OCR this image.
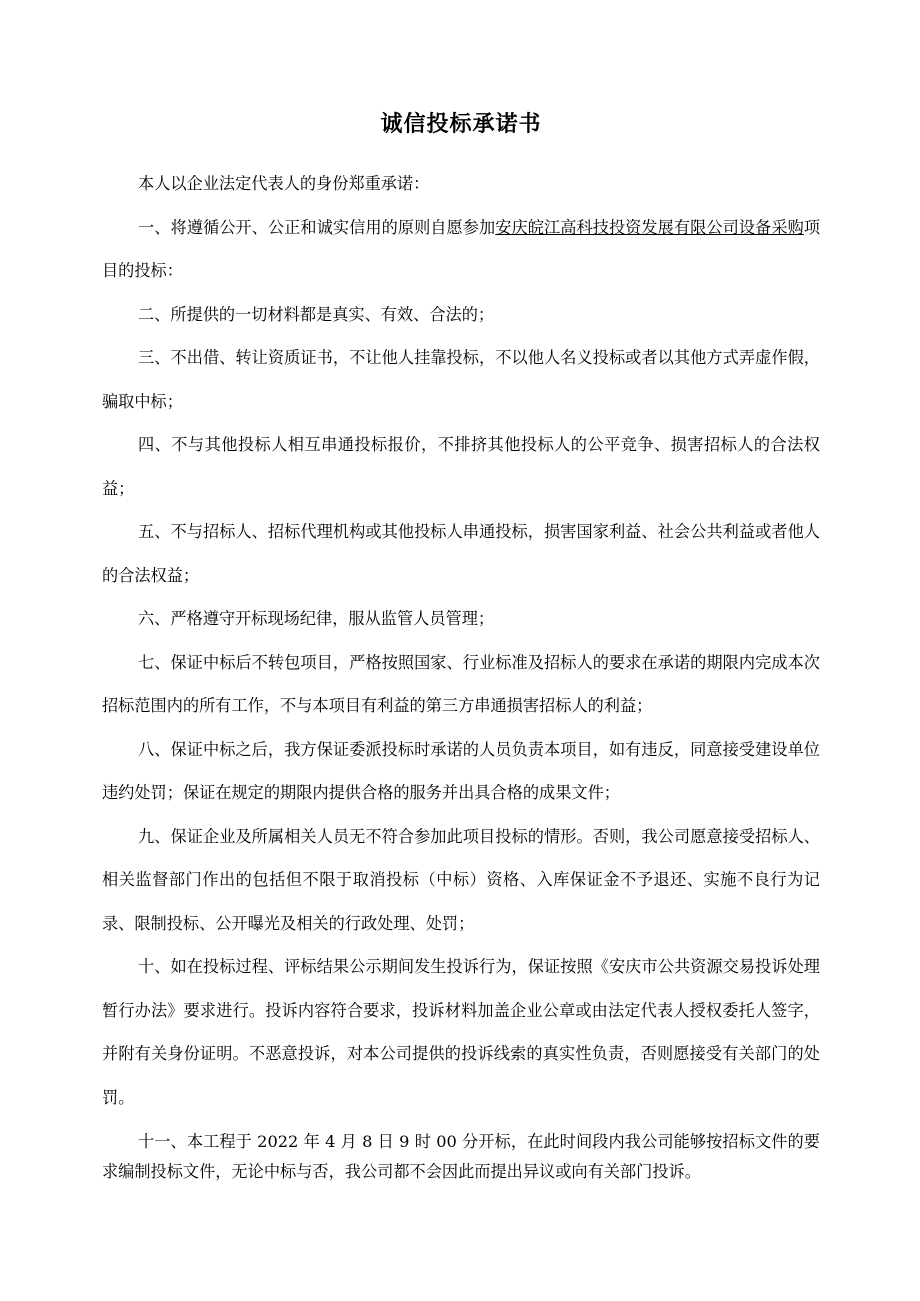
诚信投标承诺书

本人以企业法定代表人的身份郑重承诺：

一、将遵循公开、公正和诚实信用的原则自愿参加安庆皖江高科技投资发展有限公司设备采购项目的投标：

二、所提供的一切材料都是真实、有效、合法的；

三、不出借、转让资质证书，不让他人挂靠投标，不以他人名义投标或者以其他方式弄虚作假，骗取中标；

四、不与其他投标人相互串通投标报价，不排挤其他投标人的公平竞争、损害招标人的合法权益；

五、不与招标人、招标代理机构或其他投标人串通投标，损害国家利益、社会公共利益或者他人的合法权益；

六、严格遵守开标现场纪律，服从监管人员管理；

七、保证中标后不转包项目，严格按照国家、行业标准及招标人的要求在承诺的期限内完成本次招标范围内的所有工作，不与本项目有利益的第三方串通损害招标人的利益；

八、保证中标之后，我方保证委派投标时承诺的人员负责本项目，如有违反，同意接受建设单位违约处罚；保证在规定的期限内提供合格的服务并出具合格的成果文件；

九、保证企业及所属相关人员无不符合参加此项目投标的情形。否则，我公司愿意接受招标人、相关监督部门作出的包括但不限于取消投标（中标）资格、入库保证金不予退还、实施不良行为记录、限制投标、公开曝光及相关的行政处理、处罚；

十、如在投标过程、评标结果公示期间发生投诉行为，保证按照《安庆市公共资源交易投诉处理暂行办法》要求进行。投诉内容符合要求，投诉材料加盖企业公章或由法定代表人授权委托人签字，并附有关身份证明。不恶意投诉，对本公司提供的投诉线索的真实性负责，否则愿接受有关部门的处罚。

十一、本工程于 2022 年 4 月 8 日 9 时 00 分开标，在此时间段内我公司能够按招标文件的要求编制投标文件，无论中标与否，我公司都不会因此而提出异议或向有关部门投诉。
